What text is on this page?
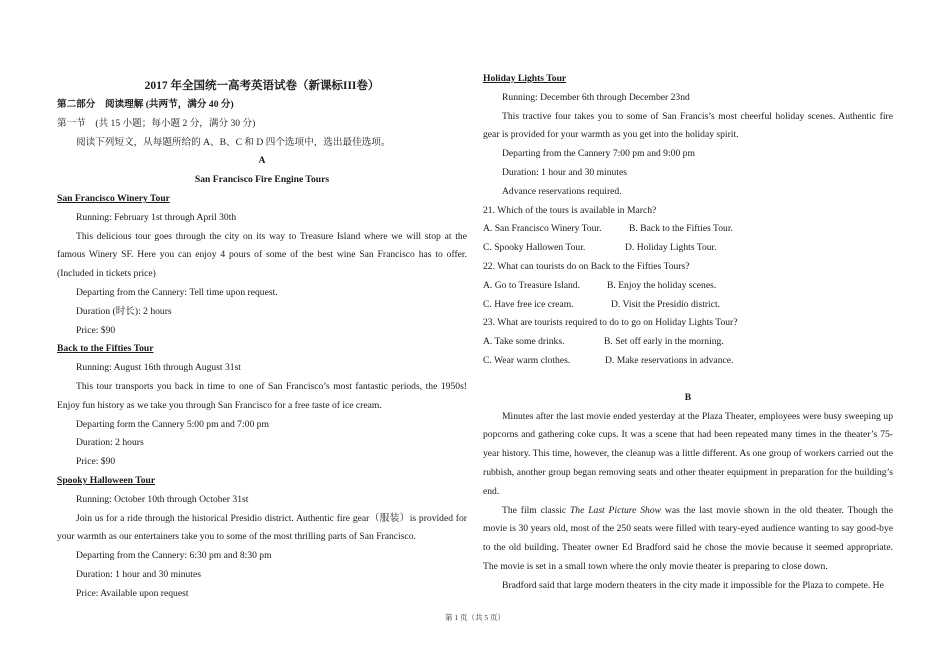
2017 年全国统一高考英语试卷（新课标III卷）

第二部分　阅读理解 (共两节，满分 40 分)

第一节　(共 15 小题；每小题 2 分，满分 30 分)

阅读下列短文，从每题所给的 A、B、C 和 D 四个选项中，选出最佳选项。

A

San Francisco Fire Engine Tours

San Francisco Winery Tour

Running: February 1st through April 30th

This delicious tour goes through the city on its way to Treasure Island where we will stop at the famous Winery SF. Here you can enjoy 4 pours of some of the best wine San Francisco has to offer. (Included in tickets price)

Departing from the Cannery: Tell time upon request.

Duration (时长): 2 hours

Price: $90

Back to the Fifties Tour

Running: August 16th through August 31st

This tour transports you back in time to one of San Francisco’s most fantastic periods, the 1950s! Enjoy fun history as we take you through San Francisco for a free taste of ice cream.

Departing form the Cannery 5:00 pm and 7:00 pm

Duration: 2 hours

Price: $90

Spooky Halloween Tour

Running: October 10th through October 31st

Join us for a ride through the historical Presidio district. Authentic fire gear（服装）is provided for your warmth as our entertainers take you to some of the most thrilling parts of San Francisco.

Departing from the Cannery: 6:30 pm and 8:30 pm

Duration: 1 hour and 30 minutes

Price: Available upon request

Holiday Lights Tour

Running: December 6th through December 23nd

This tractive four takes you to some of San Francis’s most cheerful holiday scenes. Authentic fire gear is provided for your warmth as you get into the holiday spirit.

Departing from the Cannery 7:00 pm and 9:00 pm

Duration: 1 hour and 30 minutes

Advance reservations required.

21. Which of the tours is available in March?

A. San Francisco Winery Tour.	B. Back to the Fifties Tour.

C. Spooky Hallowen Tour.	D. Holiday Lights Tour.

22. What can tourists do on Back to the Fifties Tours?

A. Go to Treasure Island.	B. Enjoy the holiday scenes.

C. Have free ice cream.	D. Visit the Presidio district.

23. What are tourists required to do to go on Holiday Lights Tour?

A. Take some drinks.	B. Set off early in the morning.

C. Wear warm clothes.	D. Make reservations in advance.

B

Minutes after the last movie ended yesterday at the Plaza Theater, employees were busy sweeping up popcorns and gathering coke cups. It was a scene that had been repeated many times in the theater’s 75-year history. This time, however, the cleanup was a little different. As one group of workers carried out the rubbish, another group began removing seats and other theater equipment in preparation for the building’s end.

The film classic The Last Picture Show was the last movie shown in the old theater. Though the movie is 30 years old, most of the 250 seats were filled with teary-eyed audience wanting to say good-bye to the old building. Theater owner Ed Bradford said he chose the movie because it seemed appropriate. The movie is set in a small town where the only movie theater is preparing to close down.

Bradford said that large modern theaters in the city made it impossible for the Plaza to compete. He

第 1 页（共 5 页）
